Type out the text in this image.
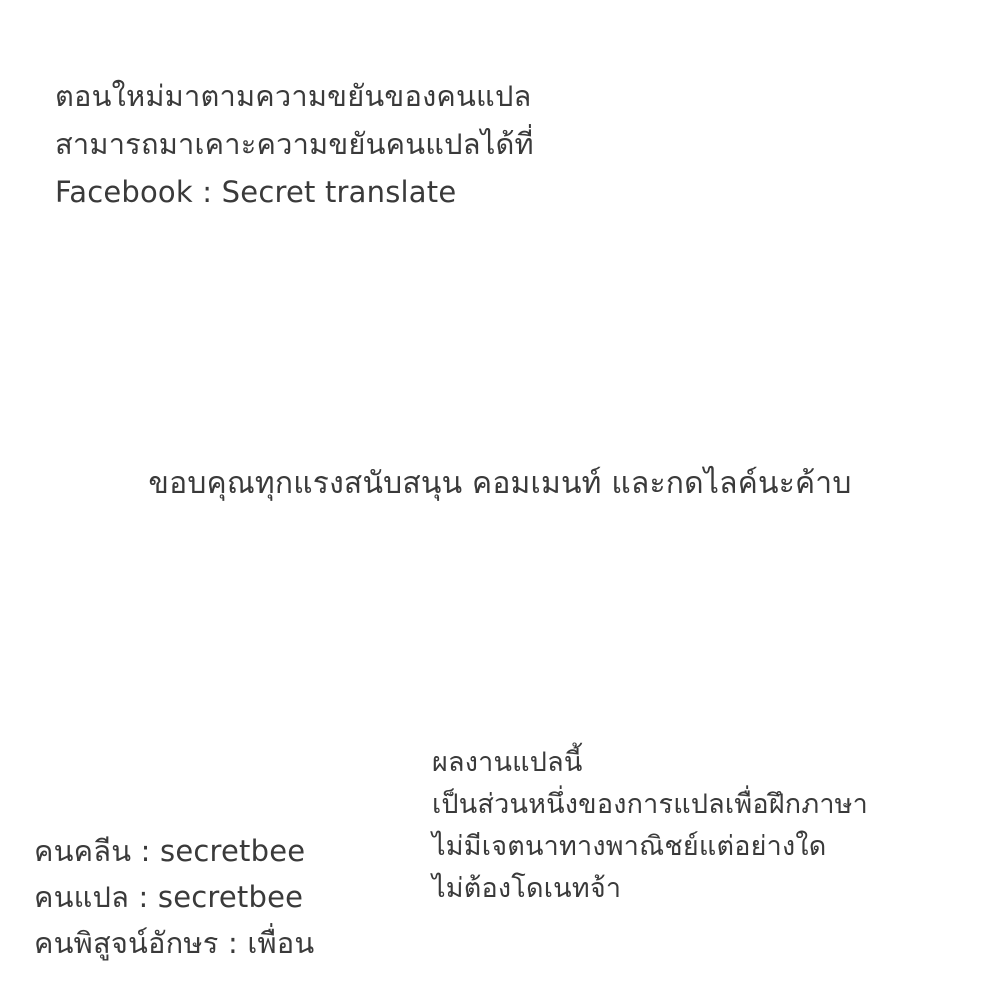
ตอนใหม่มาตามความขยันของคนแปล
สามารถมาเคาะความขยันคนแปลได้ที่
Facebook : Secret translate
ขอบคุณทุกแรงสนับสนุน คอมเมนท์ และกดไลค์นะค้าบ
คนคลีน : secretbee
คนแปล : secretbee
คนพิสูจน์อักษร : เพื่อน
ผลงานแปลนี้
เป็นส่วนหนึ่งของการแปลเพื่อฝึกภาษา
ไม่มีเจตนาทางพาณิชย์แต่อย่างใด
ไม่ต้องโดเนทจ้า
